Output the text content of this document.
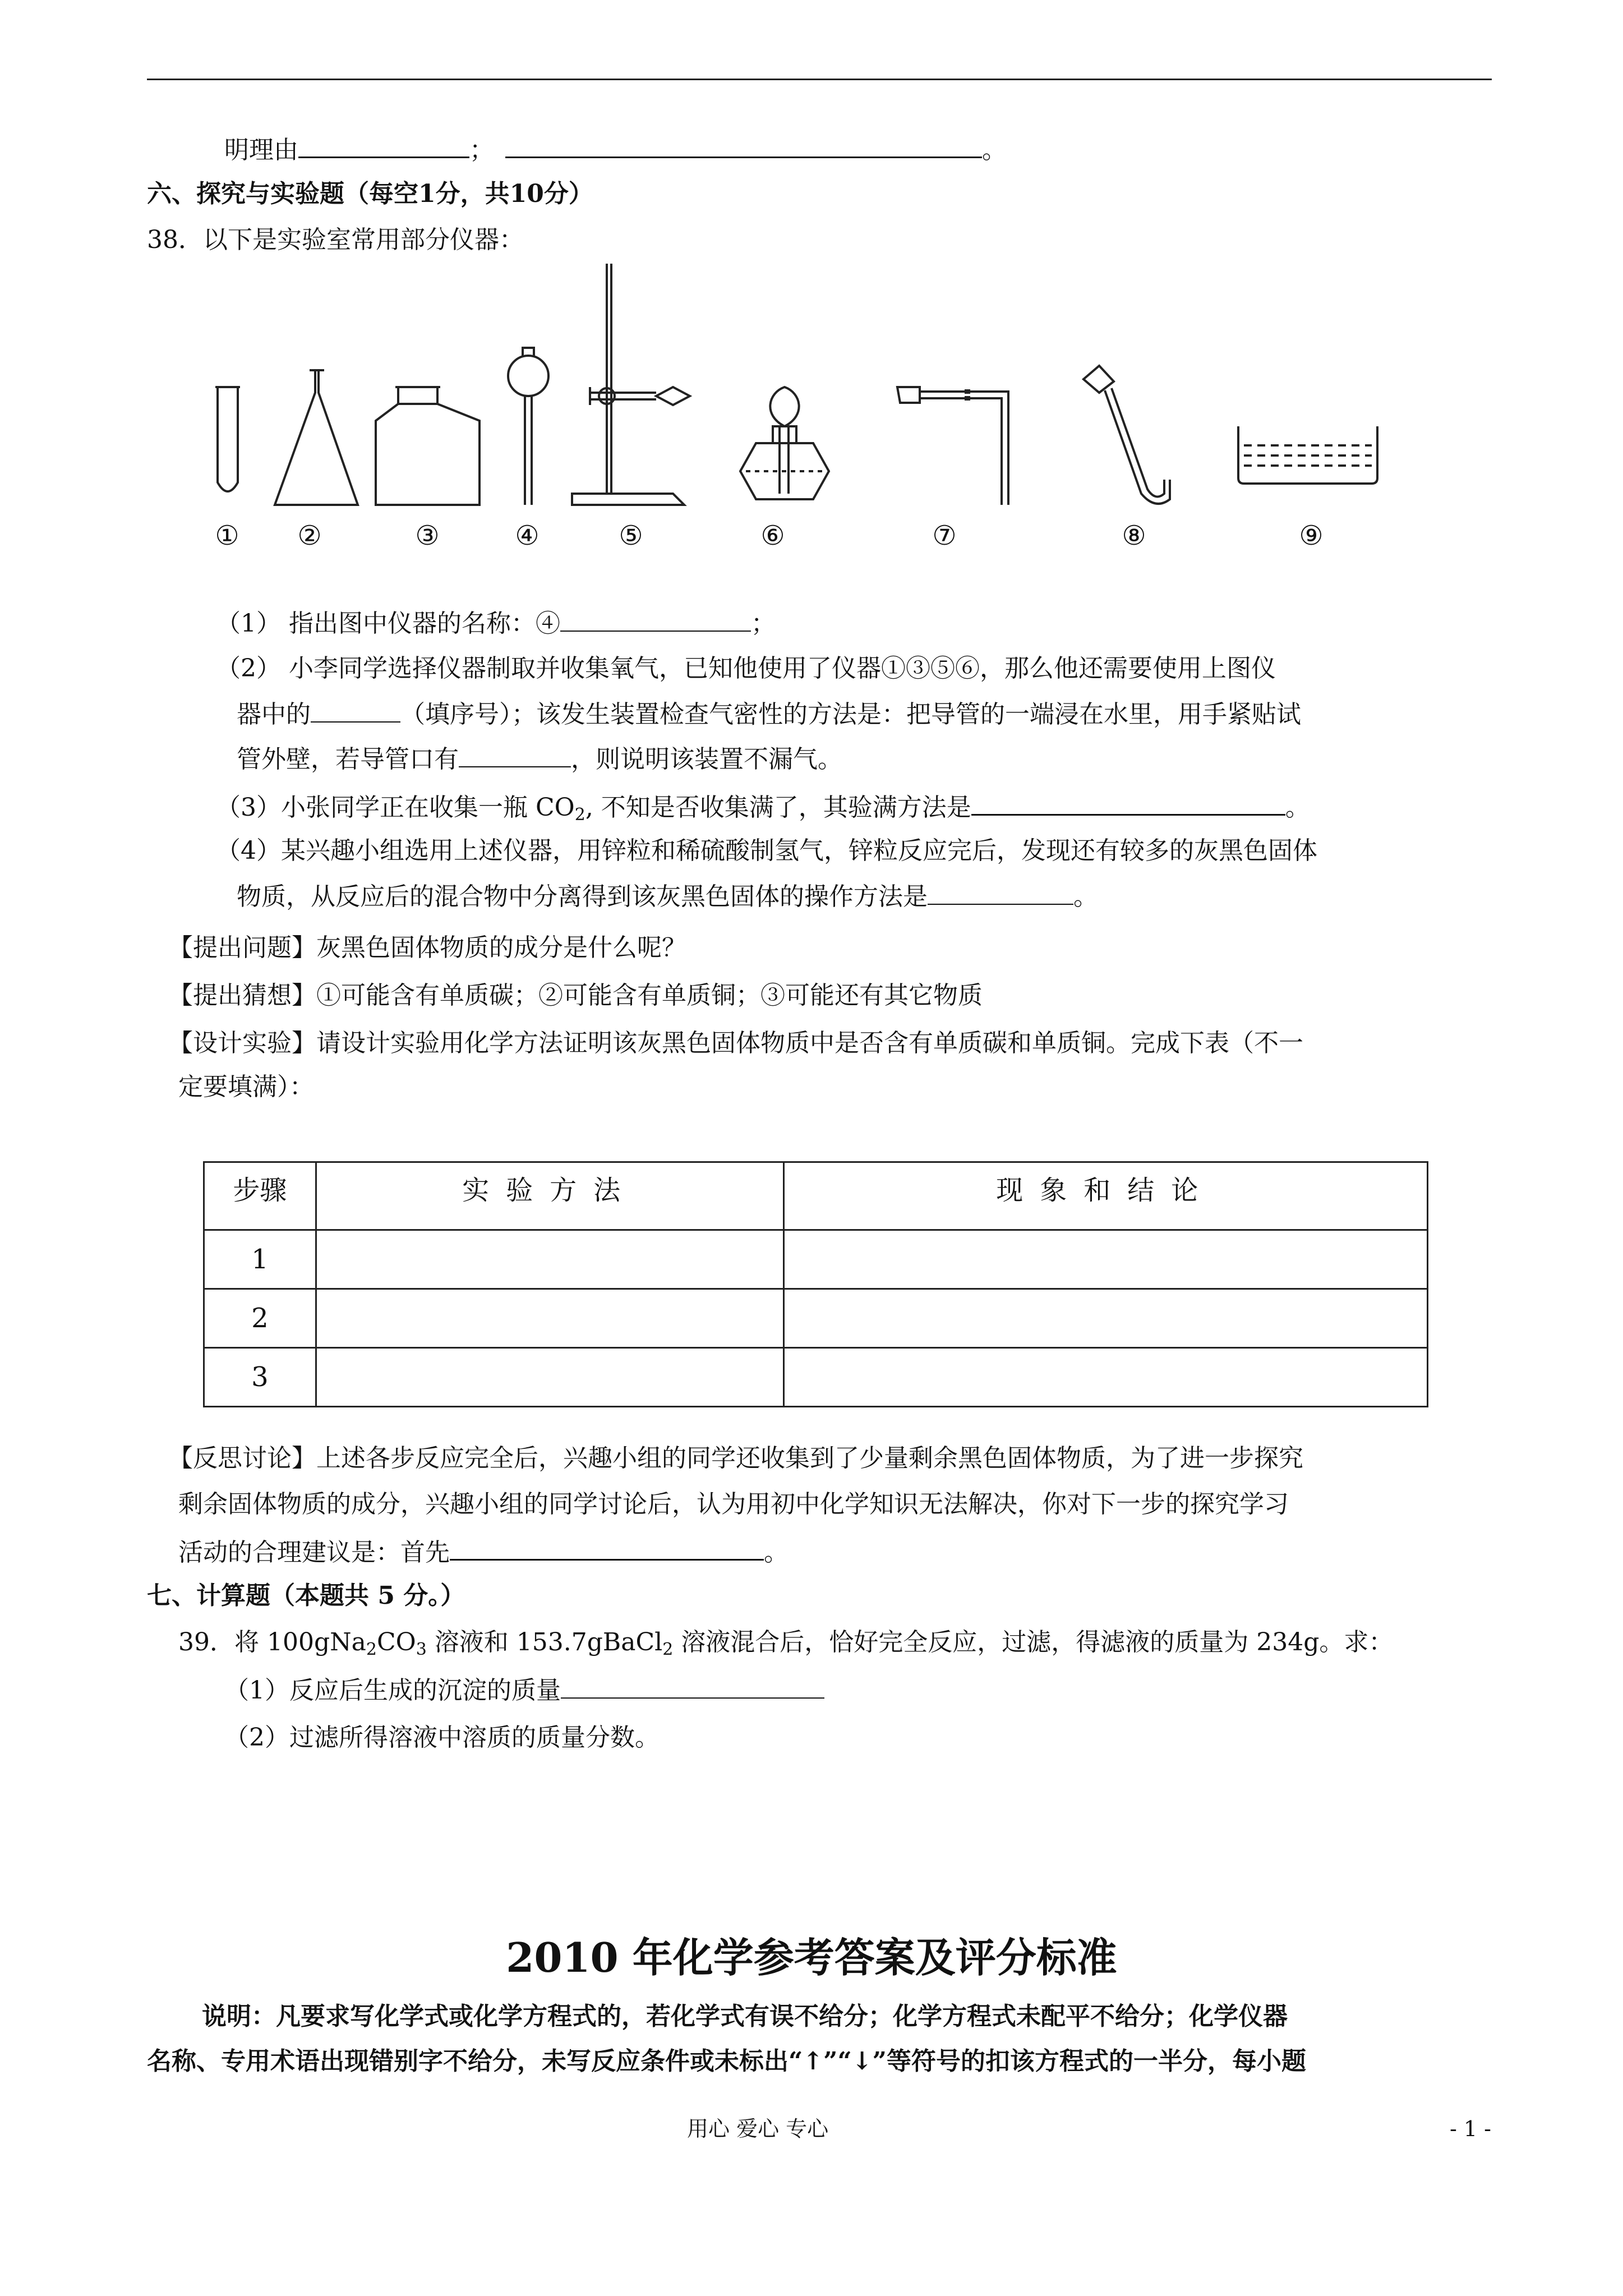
明理由	；	。
六、探究与实验题（每空1分，共10分）
38．以下是实验室常用部分仪器：
①	②	③	④	⑤	⑥	⑦	⑧	⑨
（1） 指出图中仪器的名称：④	；
（2） 小李同学选择仪器制取并收集氧气，已知他使用了仪器①③⑤⑥，那么他还需要使用上图仪
器中的	（填序号）；该发生装置检查气密性的方法是：把导管的一端浸在水里，用手紧贴试
管外壁，若导管口有	，则说明该装置不漏气。
（3）小张同学正在收集一瓶 $CO_2$, 不知是否收集满了，其验满方法是	。
（4）某兴趣小组选用上述仪器，用锌粒和稀硫酸制氢气，锌粒反应完后，发现还有较多的灰黑色固体
物质，从反应后的混合物中分离得到该灰黑色固体的操作方法是	。
【提出问题】灰黑色固体物质的成分是什么呢？
【提出猜想】①可能含有单质碳；②可能含有单质铜；③可能还有其它物质
【设计实验】请设计实验用化学方法证明该灰黑色固体物质中是否含有单质碳和单质铜。完成下表（不一
定要填满）：
步骤	实验方法	现象和结论
1		
2		
3		
【反思讨论】上述各步反应完全后，兴趣小组的同学还收集到了少量剩余黑色固体物质，为了进一步探究
剩余固体物质的成分，兴趣小组的同学讨论后，认为用初中化学知识无法解决，你对下一步的探究学习
活动的合理建议是：首先	。
七、计算题（本题共 5 分。）
39．将 $100gNa_2CO_3$ 溶液和 153.7gBaCl$_2$ 溶液混合后，恰好完全反应，过滤，得滤液的质量为 234g。求：
（1）反应后生成的沉淀的质量
（2）过滤所得溶液中溶质的质量分数。
2010 年化学参考答案及评分标准
说明：凡要求写化学式或化学方程式的，若化学式有误不给分；化学方程式未配平不给分；化学仪器
名称、专用术语出现错别字不给分，未写反应条件或未标出“↑”“↓”等符号的扣该方程式的一半分，每小题
用心 爱心 专心	- 1 -
